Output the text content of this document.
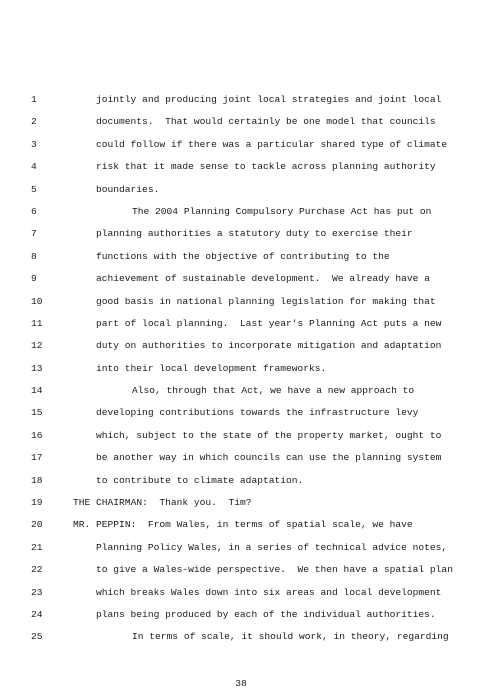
1	jointly and producing joint local strategies and joint local
2	documents.  That would certainly be one model that councils
3	could follow if there was a particular shared type of climate
4	risk that it made sense to tackle across planning authority
5	boundaries.
6	The 2004 Planning Compulsory Purchase Act has put on
7	planning authorities a statutory duty to exercise their
8	functions with the objective of contributing to the
9	achievement of sustainable development.  We already have a
10	good basis in national planning legislation for making that
11	part of local planning.  Last year's Planning Act puts a new
12	duty on authorities to incorporate mitigation and adaptation
13	into their local development frameworks.
14	Also, through that Act, we have a new approach to
15	developing contributions towards the infrastructure levy
16	which, subject to the state of the property market, ought to
17	be another way in which councils can use the planning system
18	to contribute to climate adaptation.
19	THE CHAIRMAN:  Thank you.  Tim?
20	MR. PEPPIN:  From Wales, in terms of spatial scale, we have
21	Planning Policy Wales, in a series of technical advice notes,
22	to give a Wales-wide perspective.  We then have a spatial plan
23	which breaks Wales down into six areas and local development
24	plans being produced by each of the individual authorities.
25	In terms of scale, it should work, in theory, regarding
38
